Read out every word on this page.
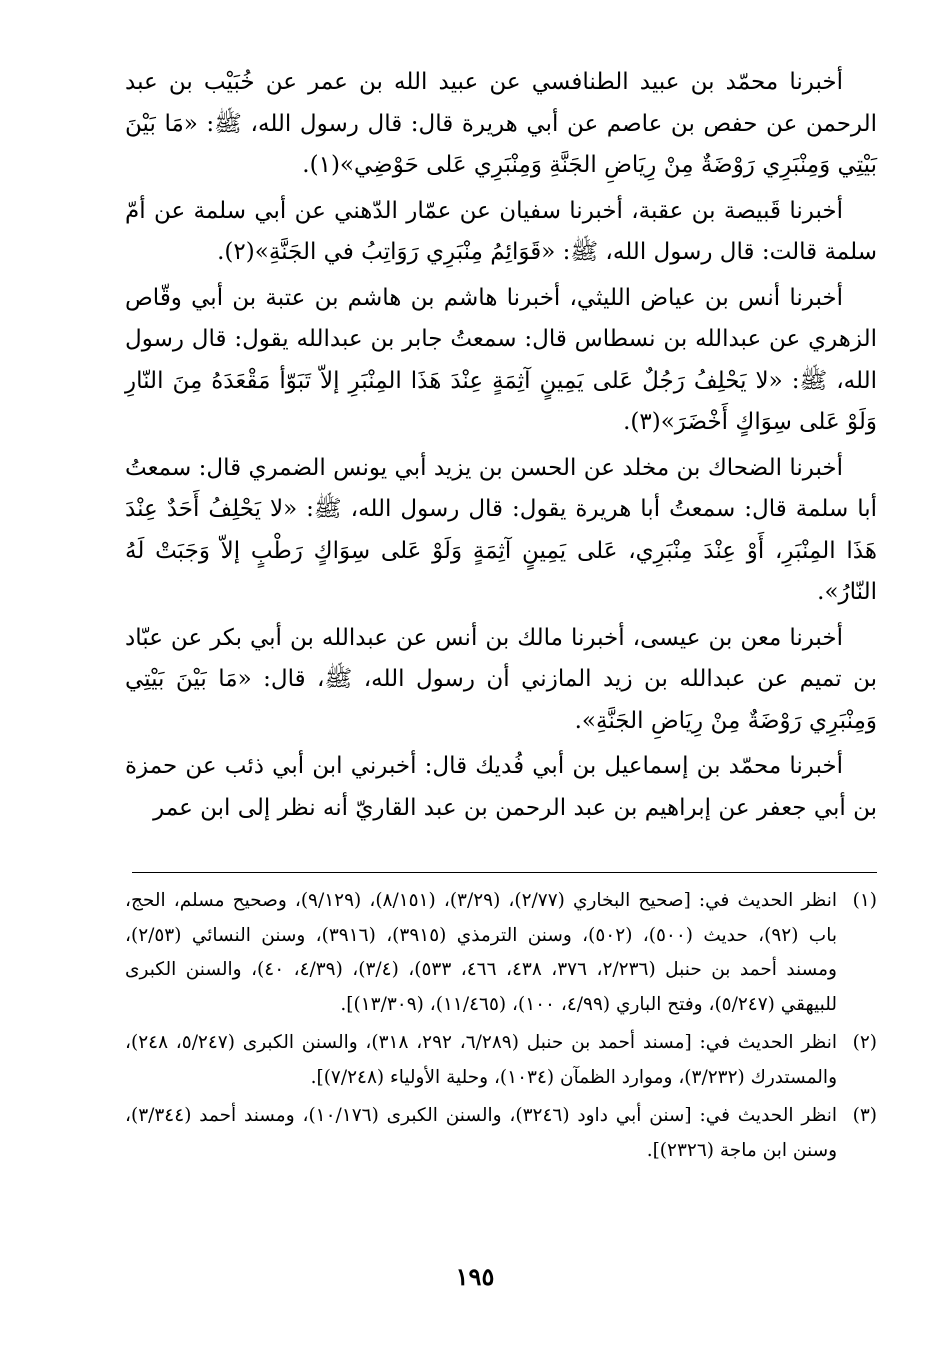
أخبرنا محمّد بن عبيد الطنافسي عن عبيد الله بن عمر عن خُبَيْب بن عبد الرحمن عن حفص بن عاصم عن أبي هريرة قال: قال رسول الله، ﷺ: «مَا بَيْنَ بَيْتِي وَمِنْبَرِي رَوْضَةٌ مِنْ رِيَاضِ الجَنَّةِ وَمِنْبَرِي عَلى حَوْضِي»(١).

أخبرنا قَبيصة بن عقبة، أخبرنا سفيان عن عمّار الدّهني عن أبي سلمة عن أمّ سلمة قالت: قال رسول الله، ﷺ: «قَوَائِمُ مِنْبَرِي رَوَاتِبُ في الجَنَّةِ»(٢).

أخبرنا أنس بن عياض الليثي، أخبرنا هاشم بن هاشم بن عتبة بن أبي وقّاص الزهري عن عبدالله بن نسطاس قال: سمعتُ جابر بن عبدالله يقول: قال رسول الله، ﷺ: «لا يَحْلِفُ رَجُلٌ عَلى يَمِينٍ آثِمَةٍ عِنْدَ هَذَا المِنْبَرِ إلاّ تَبَوّأ مَقْعَدَهُ مِنَ النّارِ وَلَوْ عَلى سِوَاكٍ أَخْضَرَ»(٣).

أخبرنا الضحاك بن مخلد عن الحسن بن يزيد أبي يونس الضمري قال: سمعتُ أبا سلمة قال: سمعتُ أبا هريرة يقول: قال رسول الله، ﷺ: «لا يَحْلِفُ أَحَدٌ عِنْدَ هَذَا المِنْبَرِ، أَوْ عِنْدَ مِنْبَرِي، عَلى يَمِينٍ آثِمَةٍ وَلَوْ عَلى سِوَاكٍ رَطْبٍ إلاّ وَجَبَتْ لَهُ النّارُ».

أخبرنا معن بن عيسى، أخبرنا مالك بن أنس عن عبدالله بن أبي بكر عن عبّاد بن تميم عن عبدالله بن زيد المازني أن رسول الله، ﷺ، قال: «مَا بَيْنَ بَيْتِي وَمِنْبَرِي رَوْضَةٌ مِنْ رِيَاضِ الجَنَّةِ».

أخبرنا محمّد بن إسماعيل بن أبي فُديك قال: أخبرني ابن أبي ذئب عن حمزة بن أبي جعفر عن إبراهيم بن عبد الرحمن بن عبد القاريّ أنه نظر إلى ابن عمر

(١)
انظر الحديث في: [صحيح البخاري (٢/٧٧)، (٣/٢٩)، (٨/١٥١)، (٩/١٢٩)، وصحيح مسلم، الحج، باب (٩٢)، حديث (٥٠٠)، (٥٠٢)، وسنن الترمذي (٣٩١٥)، (٣٩١٦)، وسنن النسائي (٢/٥٣)، ومسند أحمد بن حنبل (٢/٢٣٦، ٣٧٦، ٤٣٨، ٤٦٦، ٥٣٣)، (٣/٤)، (٤/٣٩، ٤٠)، والسنن الكبرى للبيهقي (٥/٢٤٧)، وفتح الباري (٤/٩٩، ١٠٠)، (١١/٤٦٥)، (١٣/٣٠٩)].
(٢)
انظر الحديث في: [مسند أحمد بن حنبل (٦/٢٨٩، ٢٩٢، ٣١٨)، والسنن الكبرى (٥/٢٤٧، ٢٤٨)، والمستدرك (٣/٢٣٢)، وموارد الظمآن (١٠٣٤)، وحلية الأولياء (٧/٢٤٨)].
(٣)
انظر الحديث في: [سنن أبي داود (٣٢٤٦)، والسنن الكبرى (١٠/١٧٦)، ومسند أحمد (٣/٣٤٤)، وسنن ابن ماجة (٢٣٢٦)].
١٩٥
